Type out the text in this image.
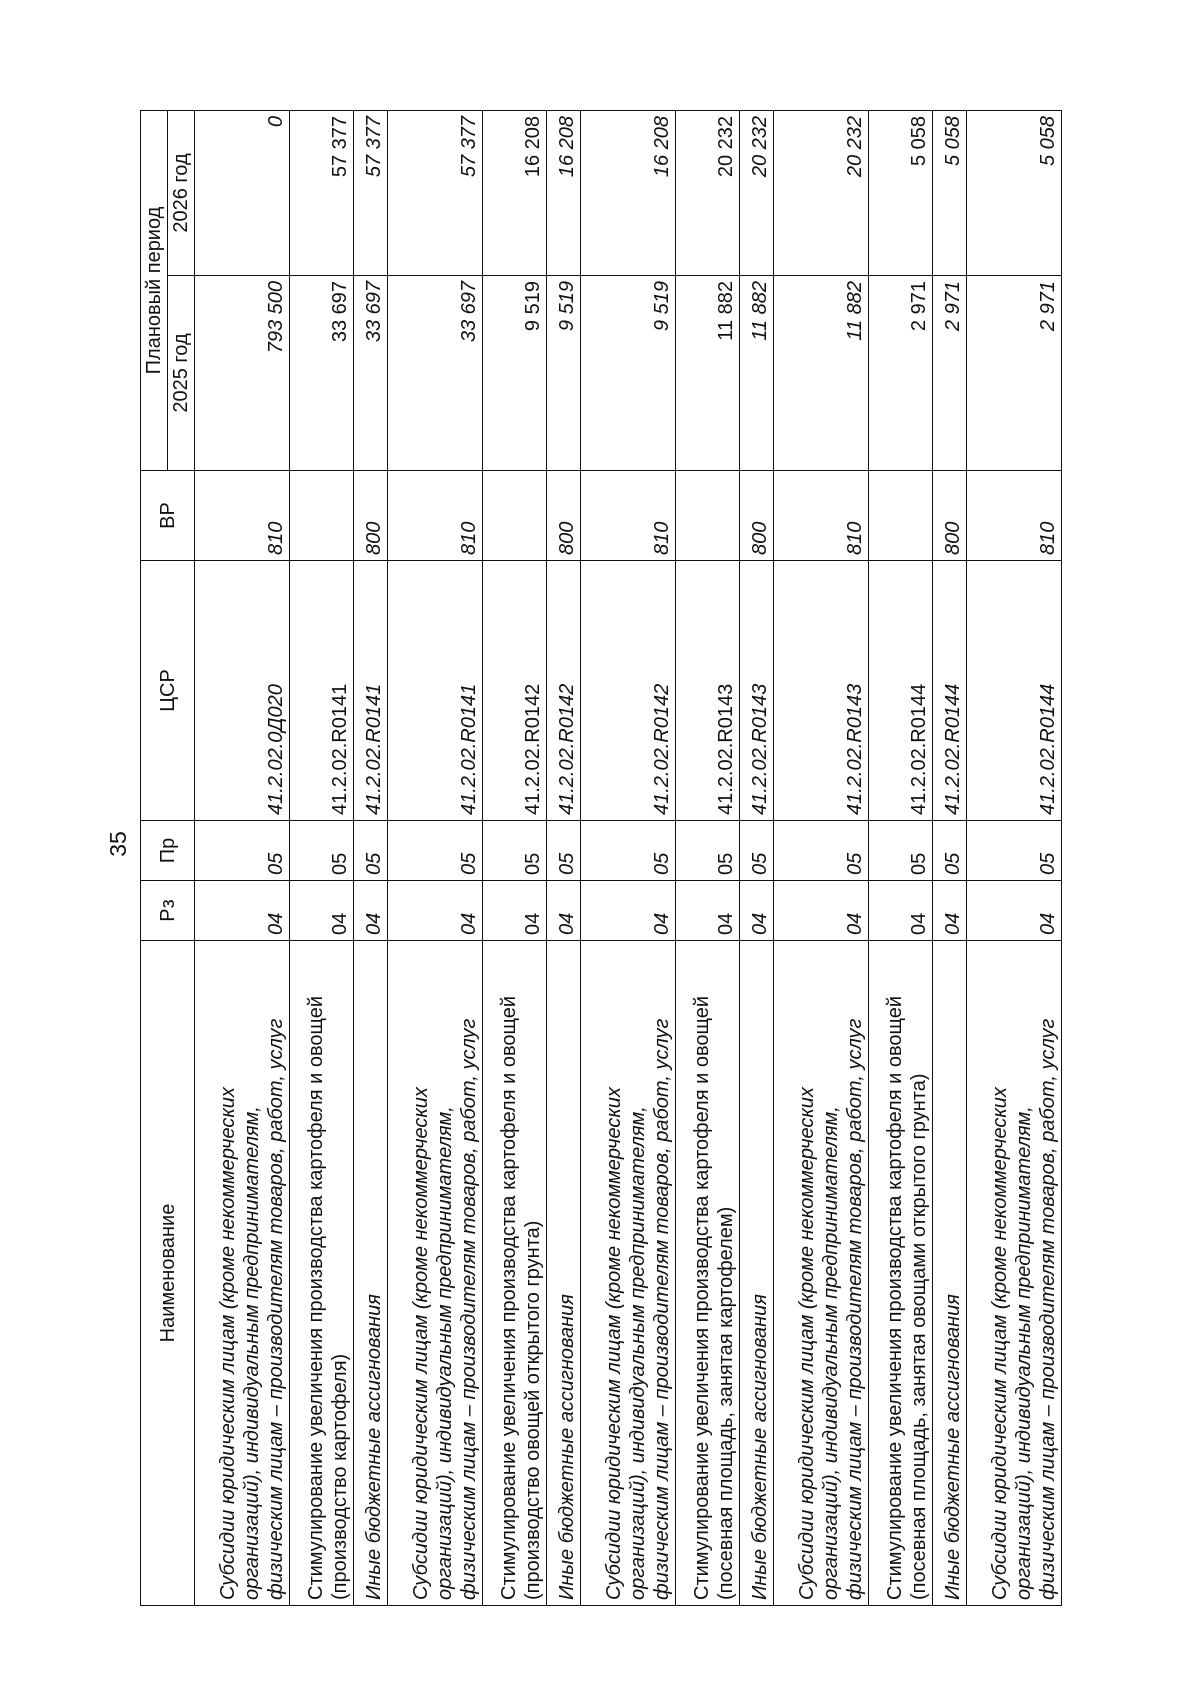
35
Наименование	Рз	Пр	ЦСР	ВР	Плановый период	
					2025 год	2026 год

Субсидии юридическим лицам (кроме некоммерческих организаций), индивидуальным предпринимателям, физическим лицам – производителям товаров, работ, услуг	04	05	41.2.02.0Д020	810	793 500	0

Стимулирование увеличения производства картофеля и овощей (производство картофеля)	04	05	41.2.02.R0141		33 697	57 377

Иные бюджетные ассигнования	04	05	41.2.02.R0141	800	33 697	57 377

Субсидии юридическим лицам (кроме некоммерческих организаций), индивидуальным предпринимателям, физическим лицам – производителям товаров, работ, услуг	04	05	41.2.02.R0141	810	33 697	57 377

Стимулирование увеличения производства картофеля и овощей (производство овощей открытого грунта)	04	05	41.2.02.R0142		9 519	16 208

Иные бюджетные ассигнования	04	05	41.2.02.R0142	800	9 519	16 208

Субсидии юридическим лицам (кроме некоммерческих организаций), индивидуальным предпринимателям, физическим лицам – производителям товаров, работ, услуг	04	05	41.2.02.R0142	810	9 519	16 208

Стимулирование увеличения производства картофеля и овощей (посевная площадь, занятая картофелем)	04	05	41.2.02.R0143		11 882	20 232

Иные бюджетные ассигнования	04	05	41.2.02.R0143	800	11 882	20 232

Субсидии юридическим лицам (кроме некоммерческих организаций), индивидуальным предпринимателям, физическим лицам – производителям товаров, работ, услуг	04	05	41.2.02.R0143	810	11 882	20 232

Стимулирование увеличения производства картофеля и овощей (посевная площадь, занятая овощами открытого грунта)	04	05	41.2.02.R0144		2 971	5 058

Иные бюджетные ассигнования	04	05	41.2.02.R0144	800	2 971	5 058

Субсидии юридическим лицам (кроме некоммерческих организаций), индивидуальным предпринимателям, физическим лицам – производителям товаров, работ, услуг	04	05	41.2.02.R0144	810	2 971	5 058
